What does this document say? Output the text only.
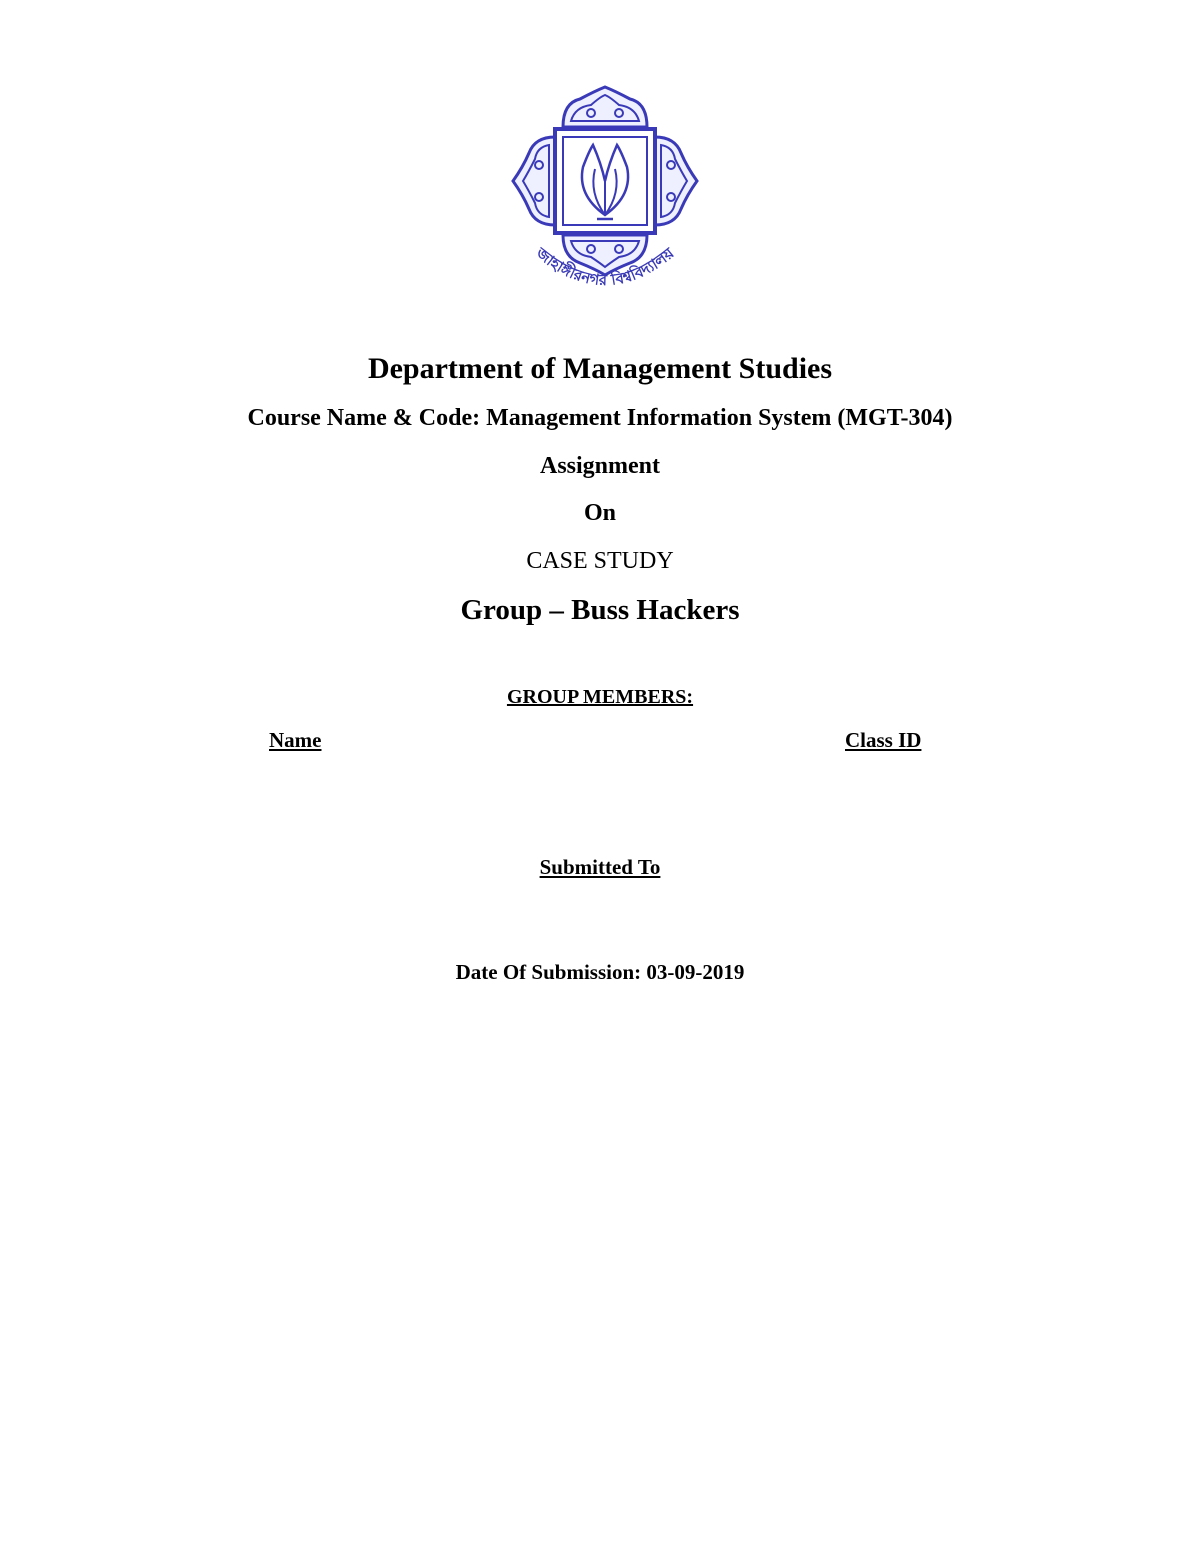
জাহাঙ্গীরনগর বিশ্ববিদ্যালয়
Department of Management Studies
Course Name & Code: Management Information System (MGT-304)
Assignment
On
CASE STUDY
Group – Buss Hackers
GROUP MEMBERS:
Name	Class ID
Submitted To
Date Of Submission: 03-09-2019
